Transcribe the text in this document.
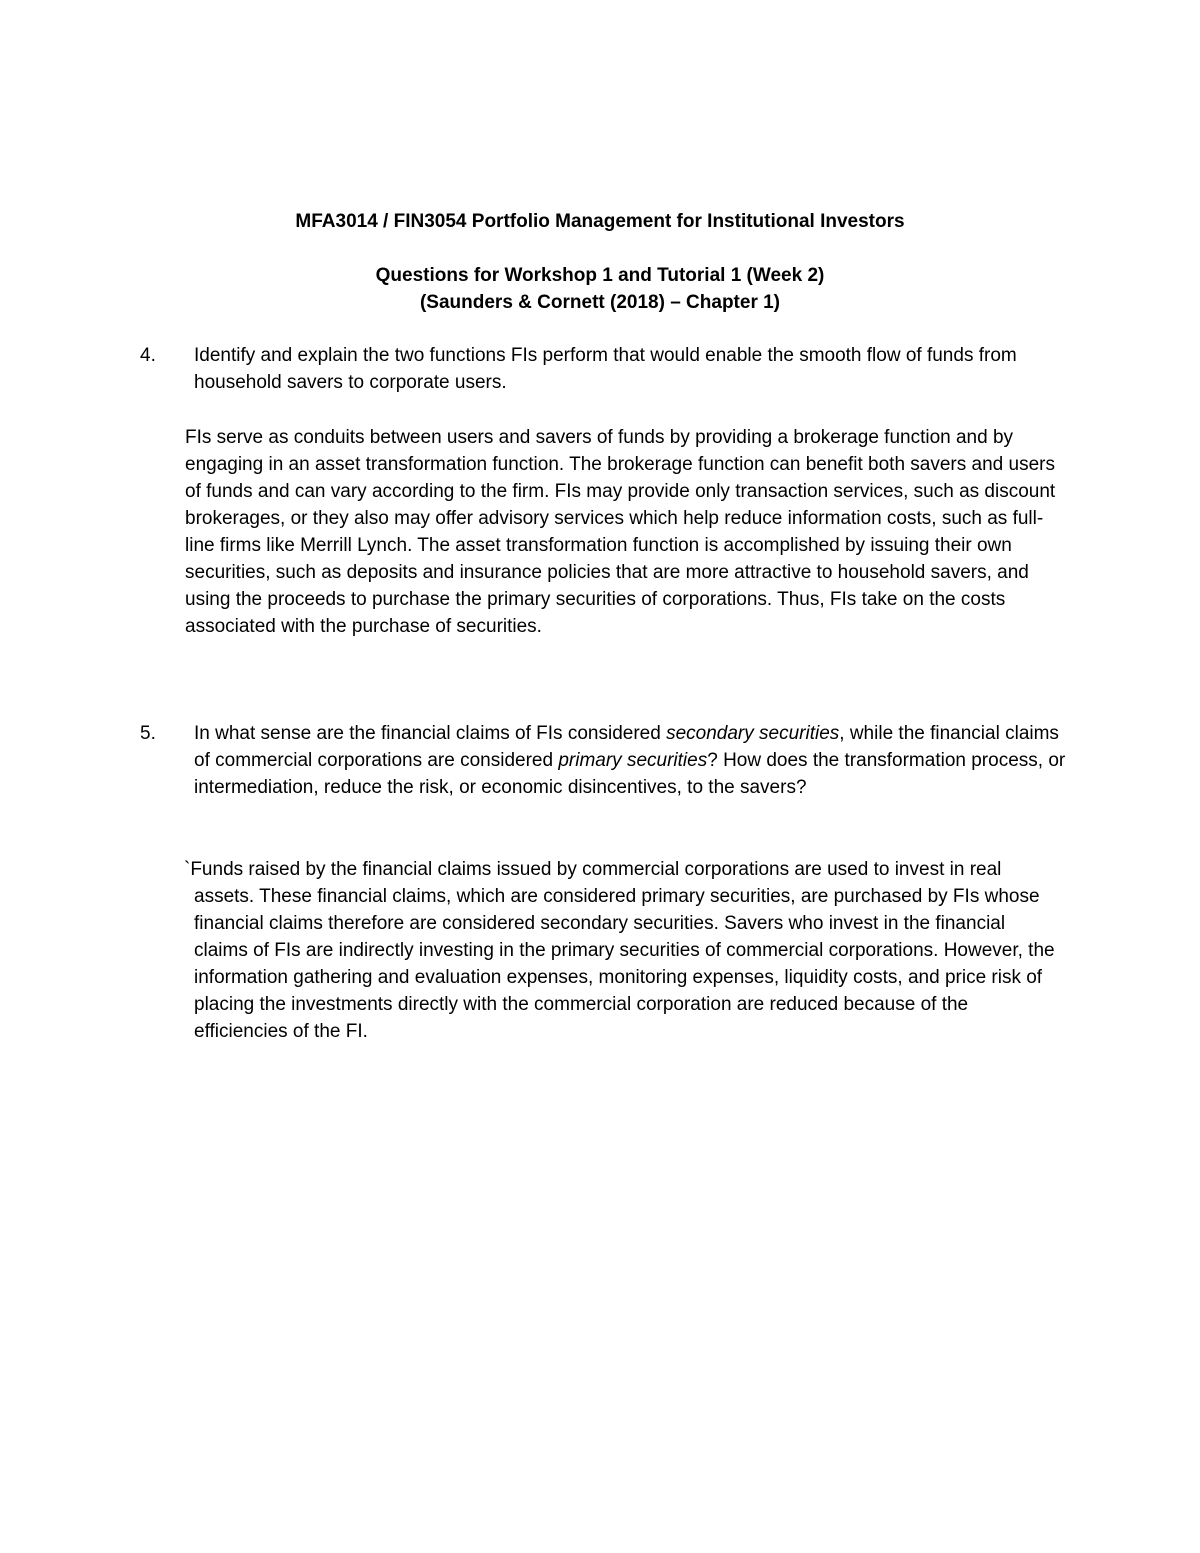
MFA3014 / FIN3054 Portfolio Management for Institutional Investors
Questions for Workshop 1 and Tutorial 1 (Week 2)
(Saunders & Cornett (2018) – Chapter 1)
4. Identify and explain the two functions FIs perform that would enable the smooth flow of funds from household savers to corporate users.

FIs serve as conduits between users and savers of funds by providing a brokerage function and by engaging in an asset transformation function. The brokerage function can benefit both savers and users of funds and can vary according to the firm. FIs may provide only transaction services, such as discount brokerages, or they also may offer advisory services which help reduce information costs, such as full-line firms like Merrill Lynch. The asset transformation function is accomplished by issuing their own securities, such as deposits and insurance policies that are more attractive to household savers, and using the proceeds to purchase the primary securities of corporations. Thus, FIs take on the costs associated with the purchase of securities.

5. In what sense are the financial claims of FIs considered secondary securities, while the financial claims of commercial corporations are considered primary securities? How does the transformation process, or intermediation, reduce the risk, or economic disincentives, to the savers?

`Funds raised by the financial claims issued by commercial corporations are used to invest in real assets. These financial claims, which are considered primary securities, are purchased by FIs whose financial claims therefore are considered secondary securities. Savers who invest in the financial claims of FIs are indirectly investing in the primary securities of commercial corporations. However, the information gathering and evaluation expenses, monitoring expenses, liquidity costs, and price risk of placing the investments directly with the commercial corporation are reduced because of the efficiencies of the FI.
